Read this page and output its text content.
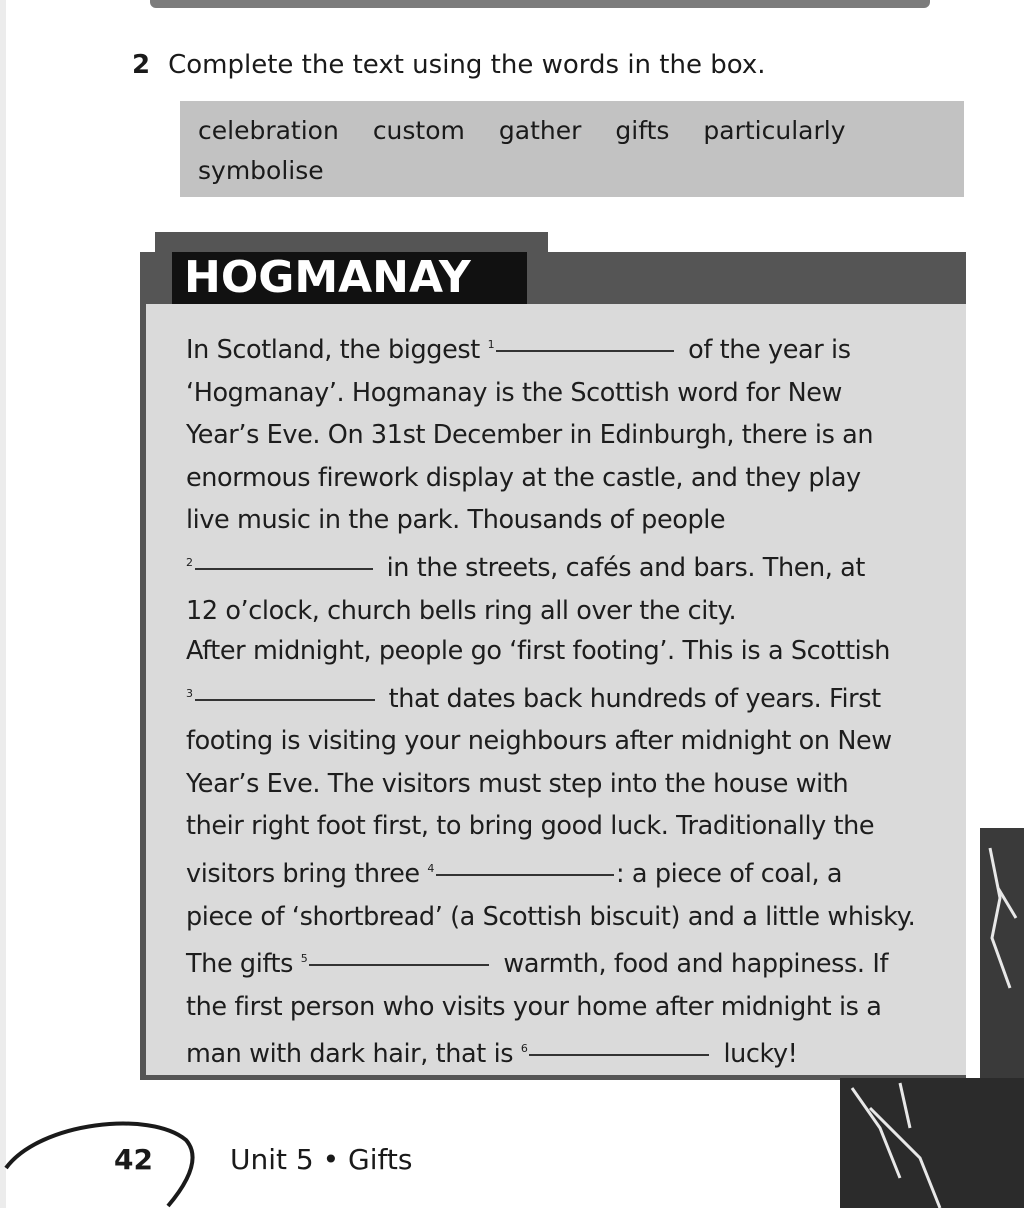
2 Complete the text using the words in the box.
celebration custom gather gifts particularly
symbolise
HOGMANAY
In Scotland, the biggest $^1$	of the year is
‘Hogmanay’. Hogmanay is the Scottish word for New
Year’s Eve. On 31st December in Edinburgh, there is an
enormous firework display at the castle, and they play
live music in the park. Thousands of people
$^2$	in the streets, cafés and bars. Then, at
12 o’clock, church bells ring all over the city.
After midnight, people go ‘first footing’. This is a Scottish
$^3$	that dates back hundreds of years. First
footing is visiting your neighbours after midnight on New
Year’s Eve. The visitors must step into the house with
their right foot first, to bring good luck. Traditionally the
visitors bring three $^4$	: a piece of coal, a
piece of ‘shortbread’ (a Scottish biscuit) and a little whisky.
The gifts $^5$	warmth, food and happiness. If
the first person who visits your home after midnight is a
man with dark hair, that is $^6$	lucky!
42	Unit 5 • Gifts
